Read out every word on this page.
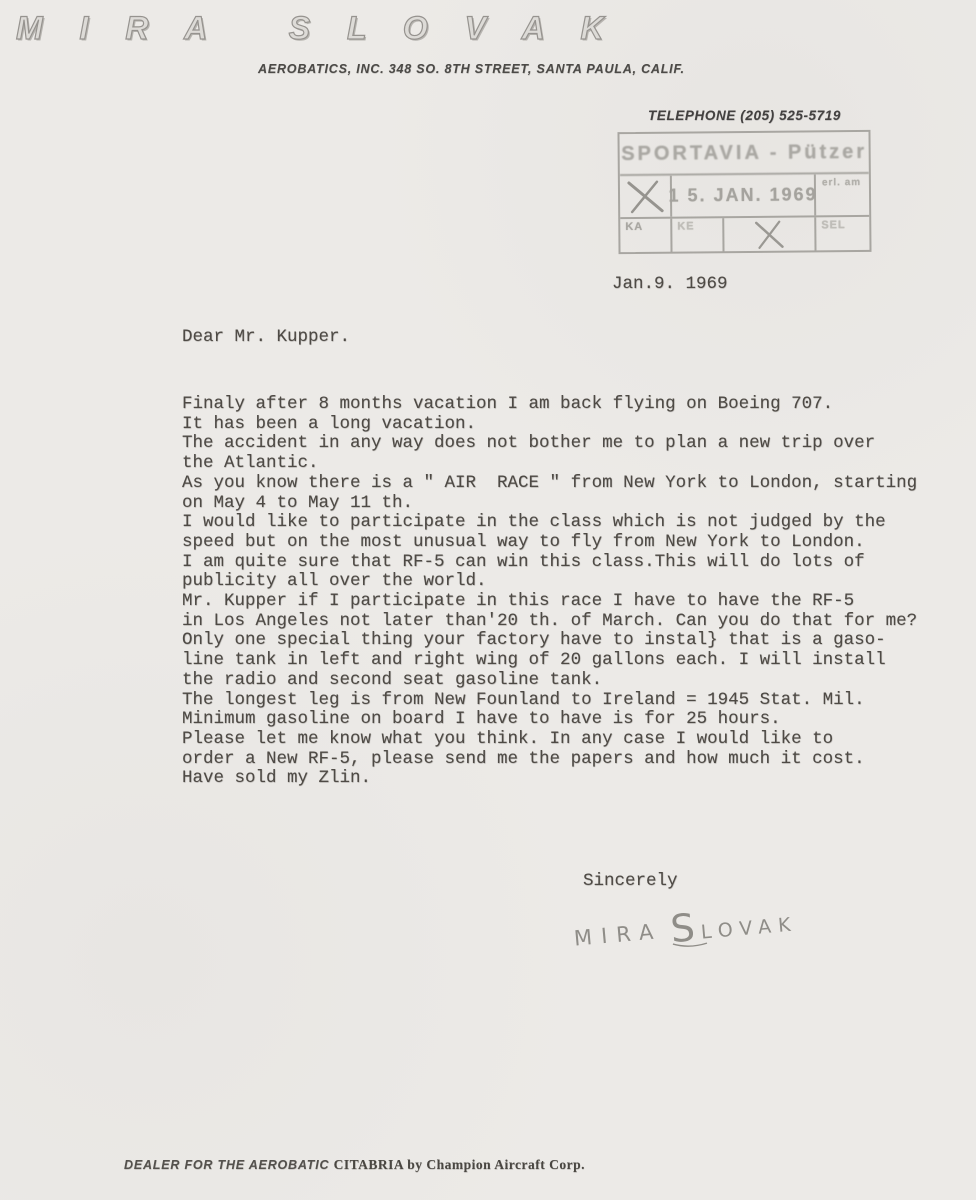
M I R A   S L O V A K
AEROBATICS, INC. 348 SO. 8TH STREET, SANTA PAULA, CALIF.
TELEPHONE (205) 525-5719
SPORTAVIA - Pützer
1 5. JAN. 1969
erl. am
KA	KE	SEL
Jan.9. 1969
Dear Mr. Kupper.
Finaly after 8 months vacation I am back flying on Boeing 707.
It has been a long vacation.
The accident in any way does not bother me to plan a new trip over
the Atlantic.
As you know there is a " AIR  RACE " from New York to London, starting
on May 4 to May 11 th.
I would like to participate in the class which is not judged by the
speed but on the most unusual way to fly from New York to London.
I am quite sure that RF-5 can win this class.This will do lots of
publicity all over the world.
Mr. Kupper if I participate in this race I have to have the RF-5
in Los Angeles not later than'20 th. of March. Can you do that for me?
Only one special thing your factory have to instal} that is a gaso-
line tank in left and right wing of 20 gallons each. I will install
the radio and second seat gasoline tank.
The longest leg is from New Founland to Ireland = 1945 Stat. Mil.
Minimum gasoline on board I have to have is for 25 hours.
Please let me know what you think. In any case I would like to
order a New RF-5, please send me the papers and how much it cost.
Have sold my Zlin.
Sincerely
MIRA S LOVAK
DEALER FOR THE AEROBATIC CITABRIA by Champion Aircraft Corp.
